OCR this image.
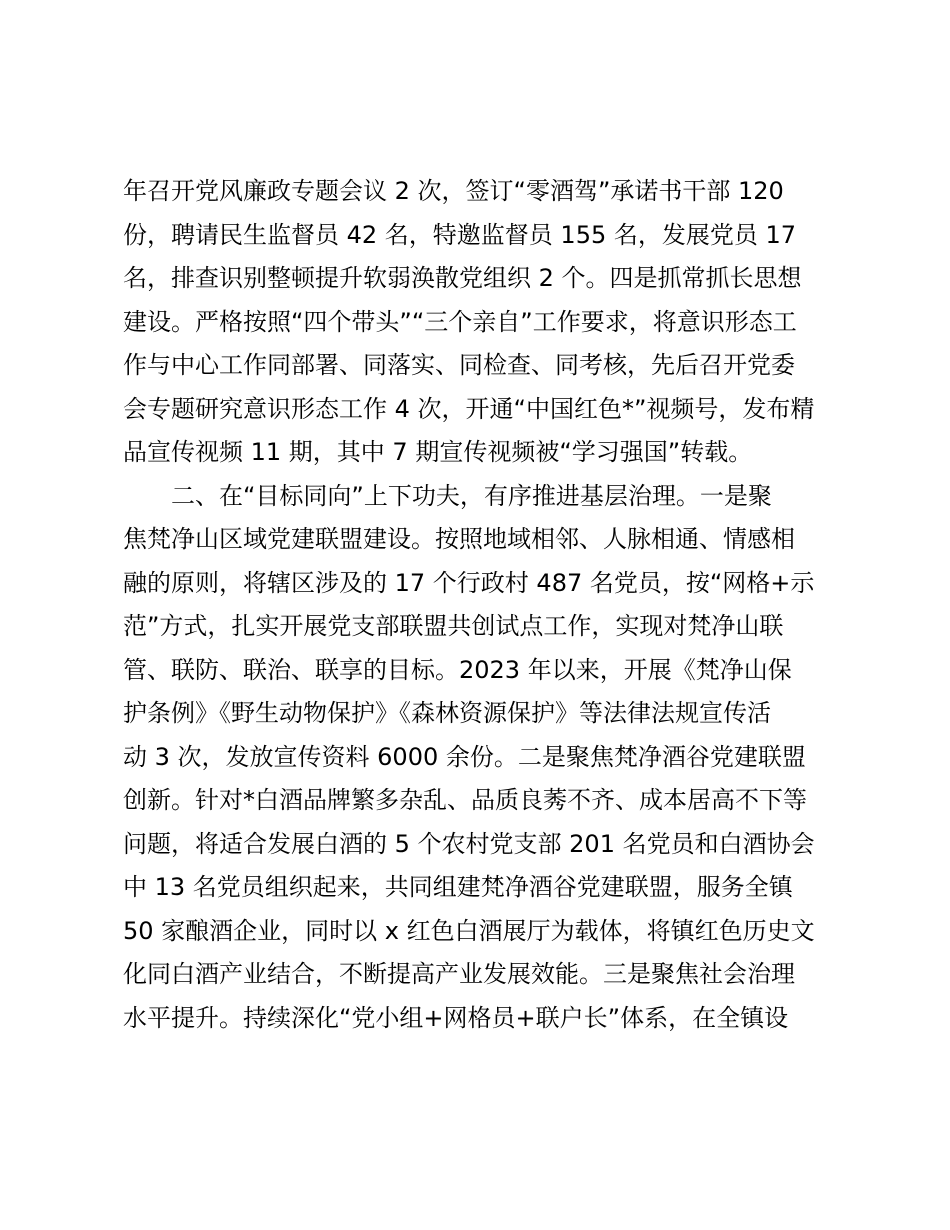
年召开党风廉政专题会议 2 次，签订“零酒驾”承诺书干部 120

份，聘请民生监督员 42 名，特邀监督员 155 名，发展党员 17

名，排查识别整顿提升软弱涣散党组织 2 个。四是抓常抓长思想

建设。严格按照“四个带头”“三个亲自”工作要求，将意识形态工

作与中心工作同部署、同落实、同检查、同考核，先后召开党委

会专题研究意识形态工作 4 次，开通“中国红色*”视频号，发布精

品宣传视频 11 期，其中 7 期宣传视频被“学习强国”转载。

二、在“目标同向”上下功夫，有序推进基层治理。一是聚

焦梵净山区域党建联盟建设。按照地域相邻、人脉相通、情感相

融的原则，将辖区涉及的 17 个行政村 487 名党员，按“网格+示

范”方式，扎实开展党支部联盟共创试点工作，实现对梵净山联

管、联防、联治、联享的目标。2023 年以来，开展《梵净山保

护条例》《野生动物保护》《森林资源保护》等法律法规宣传活

动 3 次，发放宣传资料 6000 余份。二是聚焦梵净酒谷党建联盟

创新。针对*白酒品牌繁多杂乱、品质良莠不齐、成本居高不下等

问题，将适合发展白酒的 5 个农村党支部 201 名党员和白酒协会

中 13 名党员组织起来，共同组建梵净酒谷党建联盟，服务全镇

50 家酿酒企业，同时以 x 红色白酒展厅为载体，将镇红色历史文

化同白酒产业结合，不断提高产业发展效能。三是聚焦社会治理

水平提升。持续深化“党小组+网格员+联户长”体系，在全镇设
